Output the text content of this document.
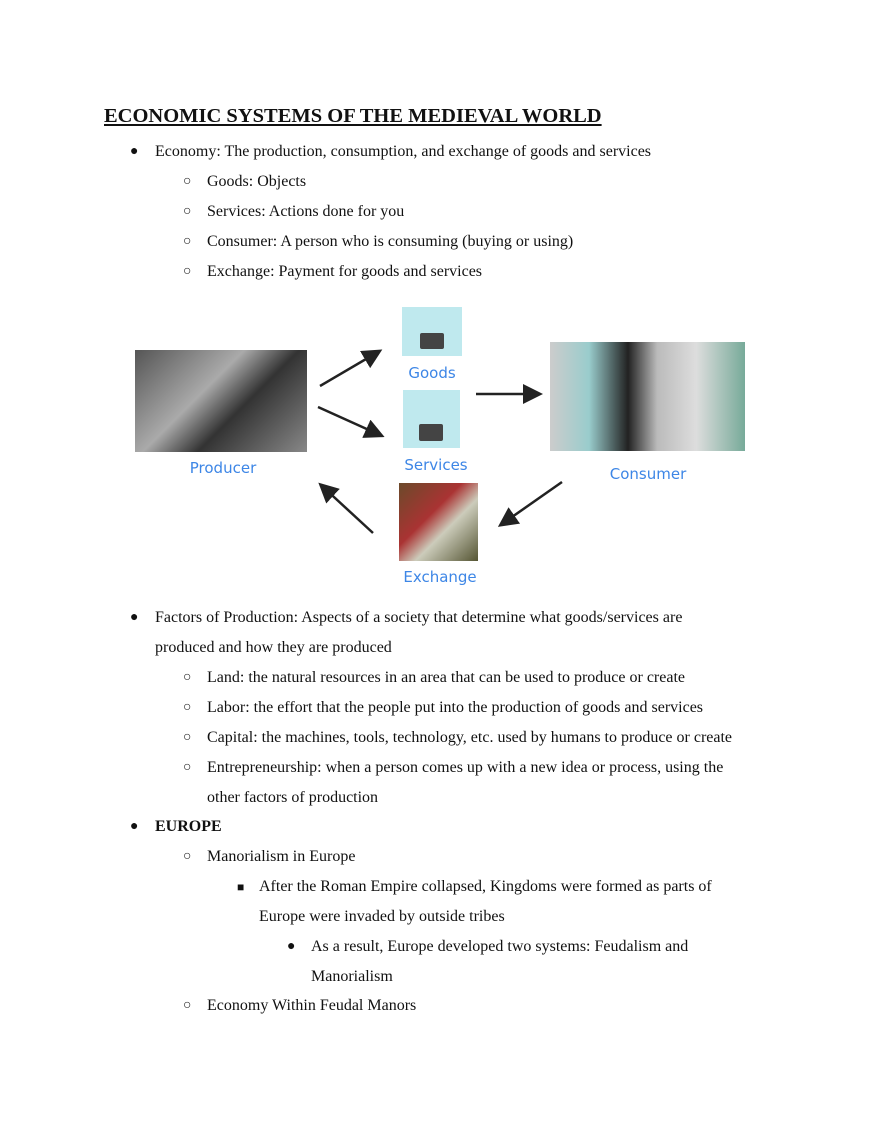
ECONOMIC SYSTEMS OF THE MEDIEVAL WORLD
● Economy: The production, consumption, and exchange of goods and services
○ Goods: Objects
○ Services: Actions done for you
○ Consumer: A person who is consuming (buying or using)
○ Exchange: Payment for goods and services
Producer
Goods
Services	Consumer
Exchange
● Factors of Production: Aspects of a society that determine what goods/services are
produced and how they are produced
○ Land: the natural resources in an area that can be used to produce or create
○ Labor: the effort that the people put into the production of goods and services
○ Capital: the machines, tools, technology, etc. used by humans to produce or create
○ Entrepreneurship: when a person comes up with a new idea or process, using the
other factors of production
● EUROPE
○ Manorialism in Europe
■ After the Roman Empire collapsed, Kingdoms were formed as parts of
Europe were invaded by outside tribes
● As a result, Europe developed two systems: Feudalism and
Manorialism
○ Economy Within Feudal Manors
